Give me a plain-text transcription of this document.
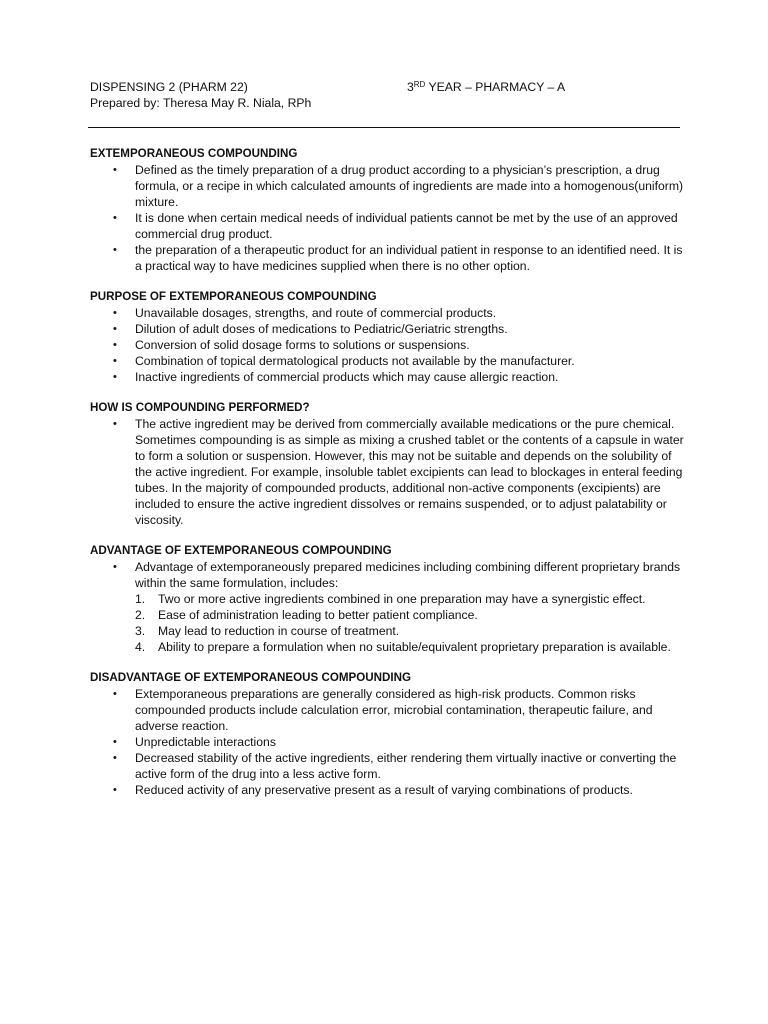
DISPENSING 2 (PHARM 22)
Prepared by: Theresa May R. Niala, RPh
3RD YEAR – PHARMACY – A
EXTEMPORANEOUS COMPOUNDING
• Defined as the timely preparation of a drug product according to a physician’s prescription, a drug formula, or a recipe in which calculated amounts of ingredients are made into a homogenous(uniform) mixture.
• It is done when certain medical needs of individual patients cannot be met by the use of an approved commercial drug product.
• the preparation of a therapeutic product for an individual patient in response to an identified need. It is a practical way to have medicines supplied when there is no other option.
PURPOSE OF EXTEMPORANEOUS COMPOUNDING
• Unavailable dosages, strengths, and route of commercial products.
• Dilution of adult doses of medications to Pediatric/Geriatric strengths.
• Conversion of solid dosage forms to solutions or suspensions.
• Combination of topical dermatological products not available by the manufacturer.
• Inactive ingredients of commercial products which may cause allergic reaction.
HOW IS COMPOUNDING PERFORMED?
• The active ingredient may be derived from commercially available medications or the pure chemical. Sometimes compounding is as simple as mixing a crushed tablet or the contents of a capsule in water to form a solution or suspension. However, this may not be suitable and depends on the solubility of the active ingredient. For example, insoluble tablet excipients can lead to blockages in enteral feeding tubes. In the majority of compounded products, additional non-active components (excipients) are included to ensure the active ingredient dissolves or remains suspended, or to adjust palatability or viscosity.
ADVANTAGE OF EXTEMPORANEOUS COMPOUNDING
• Advantage of extemporaneously prepared medicines including combining different proprietary brands within the same formulation, includes:
1. Two or more active ingredients combined in one preparation may have a synergistic effect.
2. Ease of administration leading to better patient compliance.
3. May lead to reduction in course of treatment.
4. Ability to prepare a formulation when no suitable/equivalent proprietary preparation is available.
DISADVANTAGE OF EXTEMPORANEOUS COMPOUNDING
• Extemporaneous preparations are generally considered as high-risk products. Common risks compounded products include calculation error, microbial contamination, therapeutic failure, and adverse reaction.
• Unpredictable interactions
• Decreased stability of the active ingredients, either rendering them virtually inactive or converting the active form of the drug into a less active form.
• Reduced activity of any preservative present as a result of varying combinations of products.
